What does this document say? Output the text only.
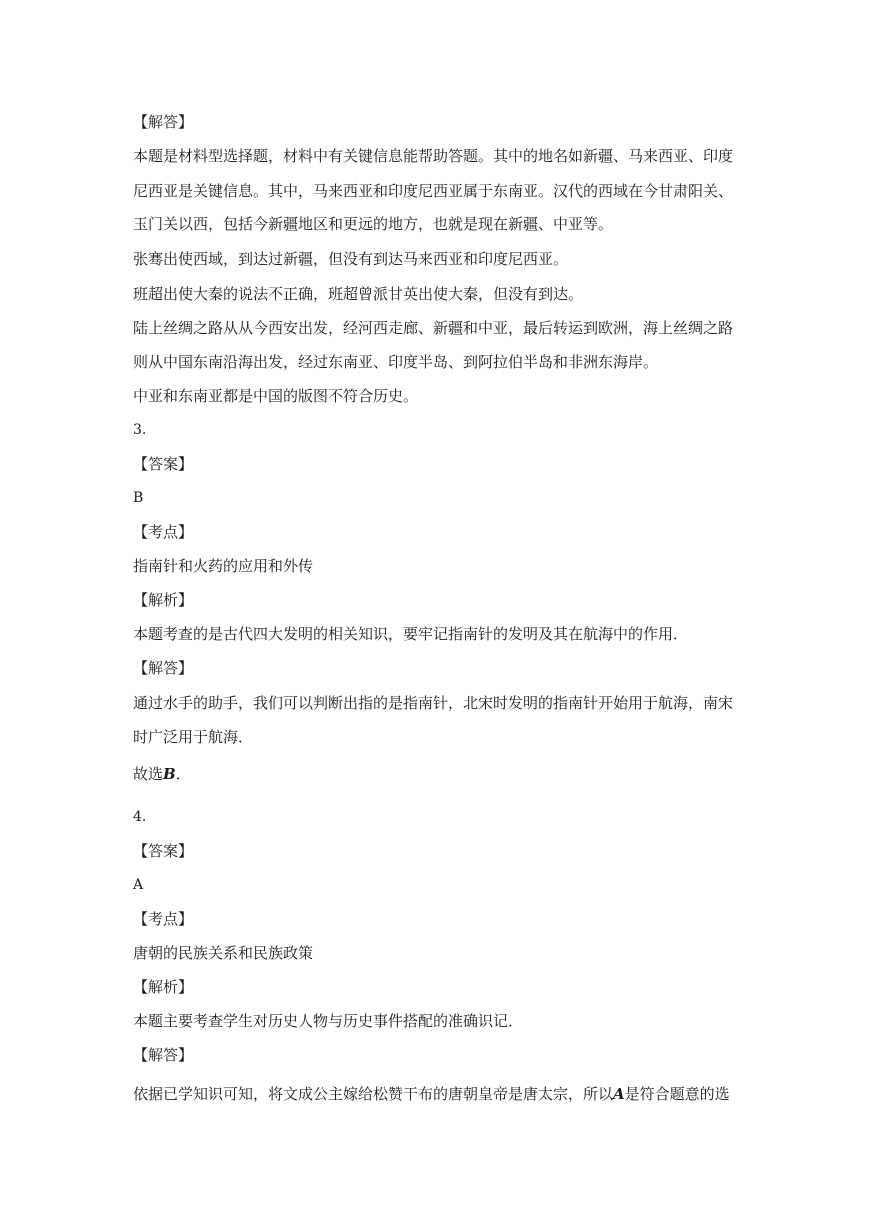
【解答】
本题是材料型选择题，材料中有关键信息能帮助答题。其中的地名如新疆、马来西亚、印度
尼西亚是关键信息。其中，马来西亚和印度尼西亚属于东南亚。汉代的西域在今甘肃阳关、
玉门关以西，包括今新疆地区和更远的地方，也就是现在新疆、中亚等。
张骞出使西域，到达过新疆，但没有到达马来西亚和印度尼西亚。
班超出使大秦的说法不正确，班超曾派甘英出使大秦，但没有到达。
陆上丝绸之路从从今西安出发，经河西走廊、新疆和中亚，最后转运到欧洲，海上丝绸之路
则从中国东南沿海出发，经过东南亚、印度半岛、到阿拉伯半岛和非洲东海岸。
中亚和东南亚都是中国的版图不符合历史。
3.
【答案】
B
【考点】
指南针和火药的应用和外传
【解析】
本题考查的是古代四大发明的相关知识，要牢记指南针的发明及其在航海中的作用．
【解答】
通过水手的助手，我们可以判断出指的是指南针，北宋时发明的指南针开始用于航海，南宋
时广泛用于航海．
故选B．
4.
【答案】
A
【考点】
唐朝的民族关系和民族政策
【解析】
本题主要考查学生对历史人物与历史事件搭配的准确识记．
【解答】
依据已学知识可知，将文成公主嫁给松赞干布的唐朝皇帝是唐太宗，所以A是符合题意的选
